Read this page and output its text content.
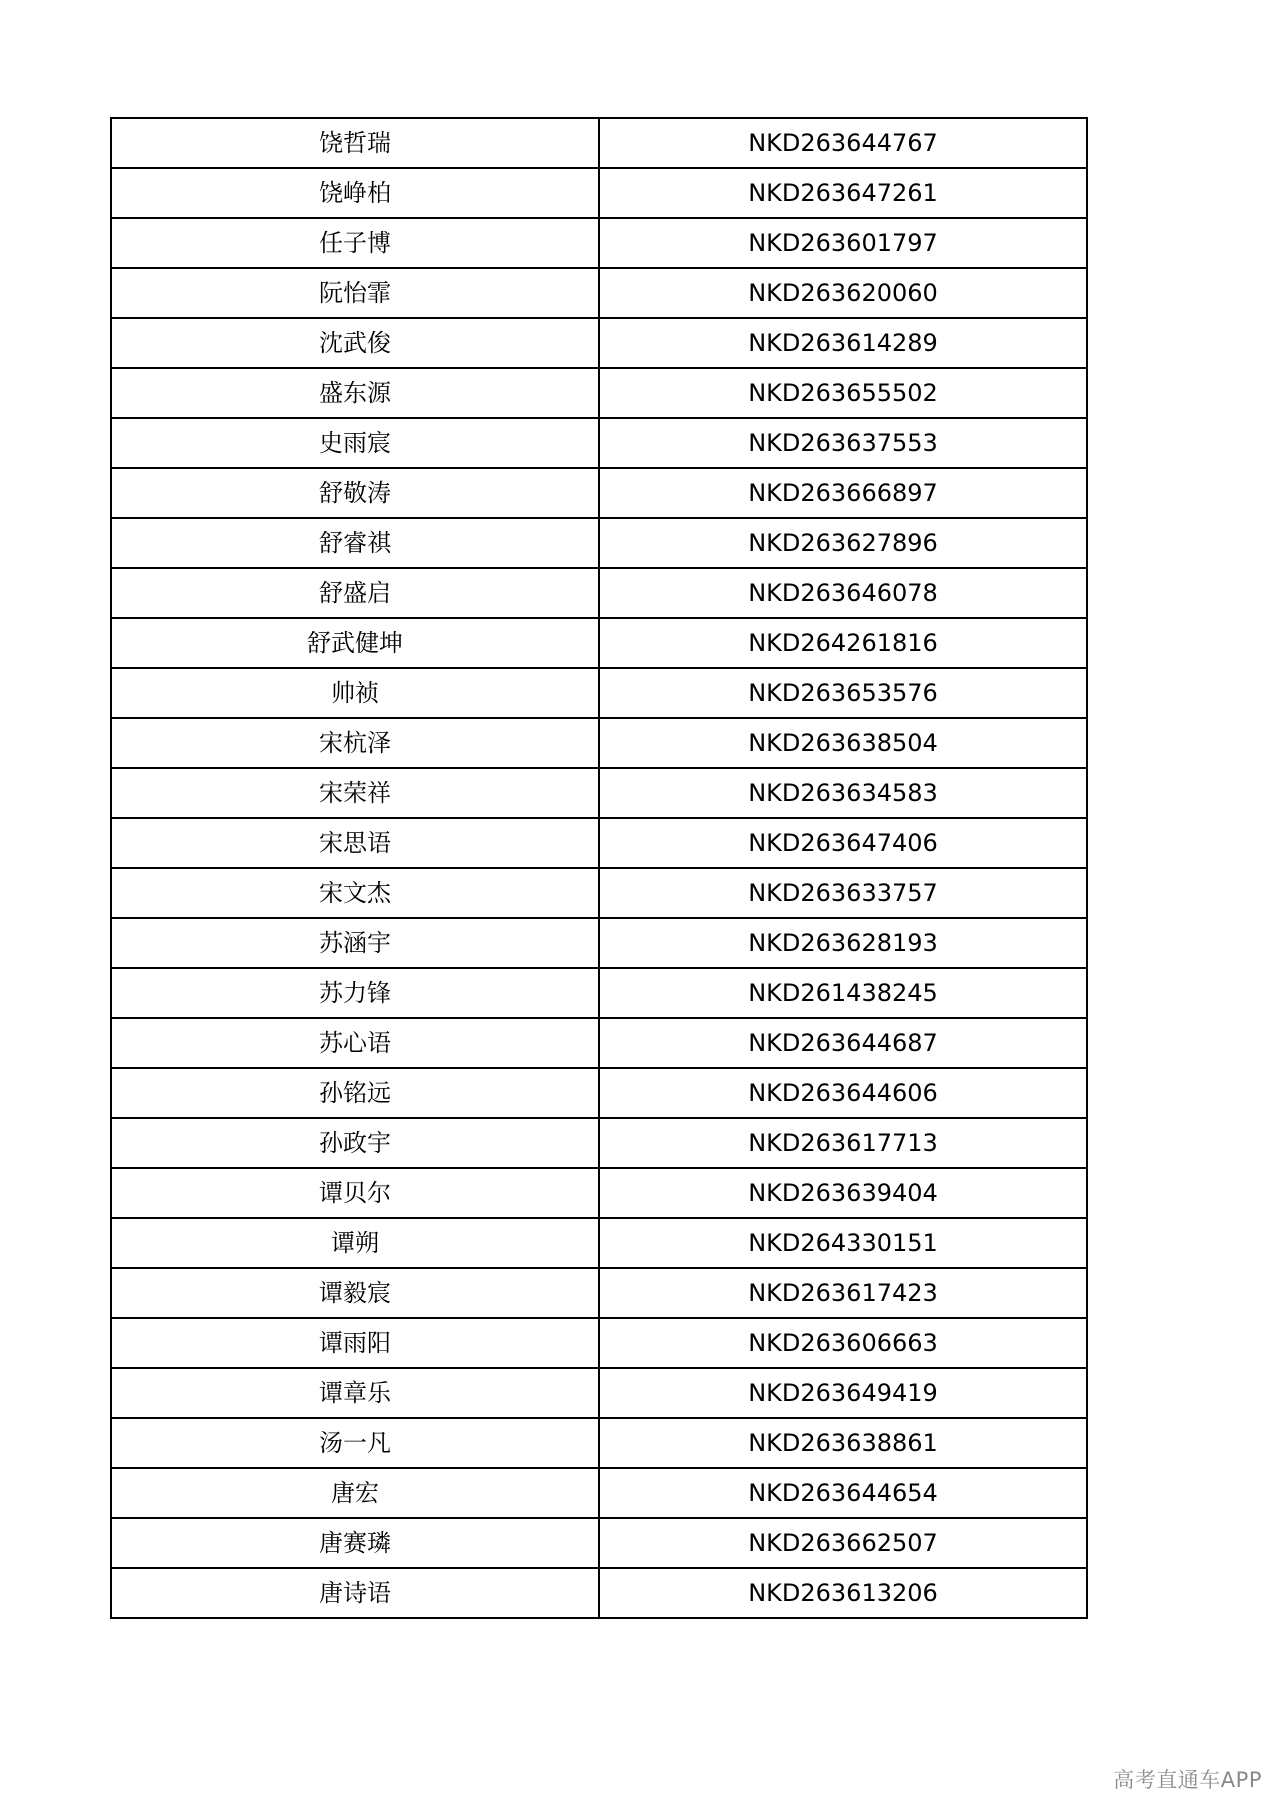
饶哲瑞	NKD263644767
饶峥柏	NKD263647261
任子博	NKD263601797
阮怡霏	NKD263620060
沈武俊	NKD263614289
盛东源	NKD263655502
史雨宸	NKD263637553
舒敬涛	NKD263666897
舒睿祺	NKD263627896
舒盛启	NKD263646078
舒武健坤	NKD264261816
帅祯	NKD263653576
宋杭泽	NKD263638504
宋荣祥	NKD263634583
宋思语	NKD263647406
宋文杰	NKD263633757
苏涵宇	NKD263628193
苏力锋	NKD261438245
苏心语	NKD263644687
孙铭远	NKD263644606
孙政宇	NKD263617713
谭贝尔	NKD263639404
谭朔	NKD264330151
谭毅宸	NKD263617423
谭雨阳	NKD263606663
谭章乐	NKD263649419
汤一凡	NKD263638861
唐宏	NKD263644654
唐赛璘	NKD263662507
唐诗语	NKD263613206
高考直通车APP
